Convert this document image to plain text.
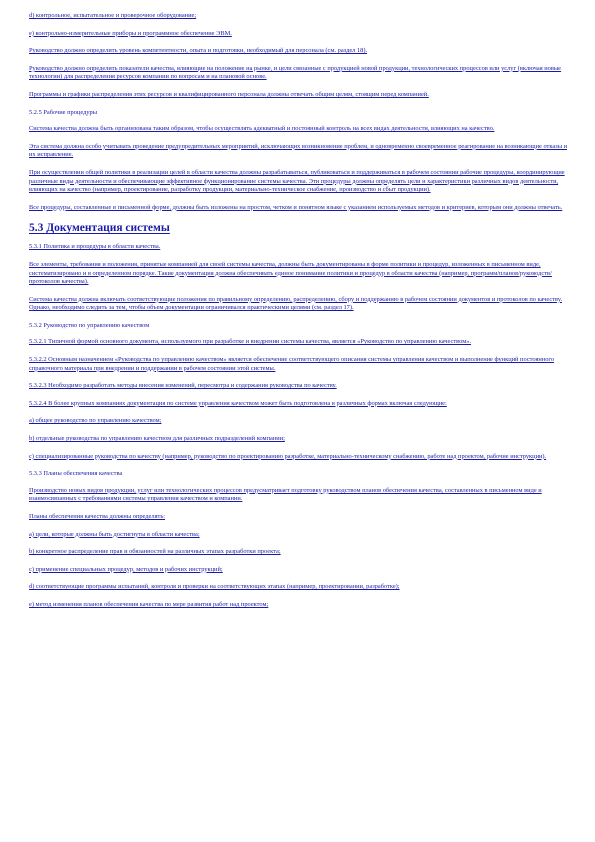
d) контрольное, испытательное и проверочное оборудование;
е) контрольно-измерительные приборы и программное обеспечение ЭВМ.
Руководство должно определить уровень компетентности, опыта и подготовки, необходимый для персонала (см. раздел 18).
Руководство должно определить показатели качества, влияющие на положение на рынке, и цели связанные с продукцией новой продукции, технологических процессов или услуг (включая новые технологии) для распределения ресурсов компании по вопросам и на плановой основе.
Программы и графики распределения этих ресурсов и квалифицированного персонала должны отвечать общим целям, стоящим перед компанией.
5.2.5 Рабочие процедуры
Система качества должна быть организована таким образом, чтобы осуществлять адекватный и постоянный контроль на всех видах деятельности, влияющих на качество.
Эта система должна особо учитывать проведение предупредительных мероприятий, исключающих возникновение проблем, и одновременно своевременное реагирование на возникающие отказы и их исправление.
При осуществлении общей политики в реализации целей в области качества должны разрабатываться, публиковаться и поддерживаться в рабочем состоянии рабочие процедуры, координирующие различные виды деятельности и обеспечивающие эффективное функционирование системы качества. Эти процедуры должны определять цели и характеристики различных видов деятельности, влияющих на качество (например, проектирование, разработку продукции, материально-техническое снабжение, производство и сбыт продукции).
Все процедуры, составленные в письменной форме, должны быть изложены на простом, четком и понятном языке с указанием используемых методов и критериев, которым они должны отвечать.
5.3 Документация системы
5.3.1 Политика и процедуры в области качества.
Все элементы, требования и положения, принятые компанией для своей системы качества, должны быть документированы в форме политики и процедур, изложенных в письменном виде, систематизировано и в определенном порядке. Такие документация должна обеспечивать единое понимание политики и процедур в области качества (например, программ/планов/руководств/протоколов качества).
Система качества должна включать соответствующие положения по правильному определению, распределению, сбору и поддержанию в рабочем состоянии документов и протоколов по качеству. Однако, необходимо следить за тем, чтобы объем документации ограничивался практическими целями (см. раздел 17).
5.3.2 Руководство по управлению качеством
5.3.2.1 Типичной формой основного документа, используемого при разработке и внедрении системы качества, является «Руководство по управлению качеством».
5.3.2.2 Основным назначением «Руководства по управлению качеством» является обеспечение соответствующего описания системы управления качеством и выполнение функций постоянного справочного материала при внедрении и поддержании в рабочем состоянии этой системы.
5.3.2.3 Необходимо разработать методы внесения изменений, пересмотра и содержания руководства по качеству.
5.3.2.4 В более крупных компаниях документация по системе управления качеством может быть подготовлена в различных формах включая следующие:
а) общее руководство по управлению качеством;
b) отдельные руководства по управлению качеством для различных подразделений компании;
с) специализированные руководства по качеству (например, руководство по проектированию разработке, материально-техническому снабжению, работе над проектом, рабочие инструкции).
5.3.3 Планы обеспечения качества
Производство новых видов продукции, услуг или технологических процессов предусматривает подготовку руководством планов обеспечения качества, составленных в письменном виде и взаимосвязанных с требованиями системы управления качеством и компании.
Планы обеспечения качества должны определять:
а) цели, которые должны быть достигнуты в области качества;
b) конкретное распределение прав и обязанностей на различных этапах разработки проекта;
с) применение специальных процедур, методов и рабочих инструкций;
d) соответствующие программы испытаний, контроля и проверки на соответствующих этапах (например, проектировании, разработке);
е) метод изменения планов обеспечения качества по мере развития работ над проектом;
